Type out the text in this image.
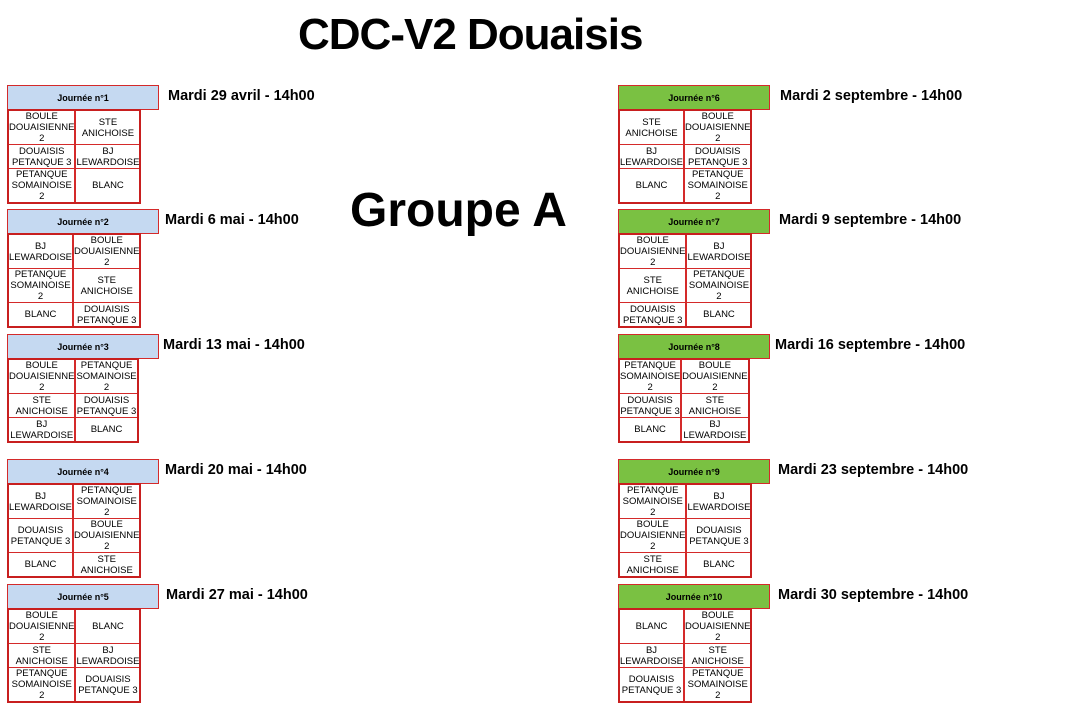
CDC-V2 Douaisis
Groupe A
Journée n°1	Mardi 29 avril - 14h00
BOULE DOUAISIENNE 2		STE ANICHOISE
DOUAISIS PETANQUE 3		BJ LEWARDOISE
PETANQUE SOMAINOISE 2		BLANC
Journée n°2	Mardi 6 mai - 14h00
BJ LEWARDOISE		BOULE DOUAISIENNE 2
PETANQUE SOMAINOISE 2		STE ANICHOISE
BLANC		DOUAISIS PETANQUE 3
Journée n°3	Mardi 13 mai - 14h00
BOULE DOUAISIENNE 2		PETANQUE SOMAINOISE 2
STE ANICHOISE		DOUAISIS PETANQUE 3
BJ LEWARDOISE		BLANC
Journée n°4	Mardi 20 mai - 14h00
BJ LEWARDOISE		PETANQUE SOMAINOISE 2
DOUAISIS PETANQUE 3		BOULE DOUAISIENNE 2
BLANC		STE ANICHOISE
Journée n°5	Mardi 27 mai - 14h00
BOULE DOUAISIENNE 2		BLANC
STE ANICHOISE		BJ LEWARDOISE
PETANQUE SOMAINOISE 2		DOUAISIS PETANQUE 3
Journée n°6	Mardi 2 septembre - 14h00
STE ANICHOISE		BOULE DOUAISIENNE 2
BJ LEWARDOISE		DOUAISIS PETANQUE 3
BLANC		PETANQUE SOMAINOISE 2
Journée n°7	Mardi 9 septembre - 14h00
BOULE DOUAISIENNE 2		BJ LEWARDOISE
STE ANICHOISE		PETANQUE SOMAINOISE 2
DOUAISIS PETANQUE 3		BLANC
Journée n°8	Mardi 16 septembre - 14h00
PETANQUE SOMAINOISE 2		BOULE DOUAISIENNE 2
DOUAISIS PETANQUE 3		STE ANICHOISE
BLANC		BJ LEWARDOISE
Journée n°9	Mardi 23 septembre - 14h00
PETANQUE SOMAINOISE 2		BJ LEWARDOISE
BOULE DOUAISIENNE 2		DOUAISIS PETANQUE 3
STE ANICHOISE		BLANC
Journée n°10	Mardi 30 septembre - 14h00
BLANC		BOULE DOUAISIENNE 2
BJ LEWARDOISE		STE ANICHOISE
DOUAISIS PETANQUE 3		PETANQUE SOMAINOISE 2
